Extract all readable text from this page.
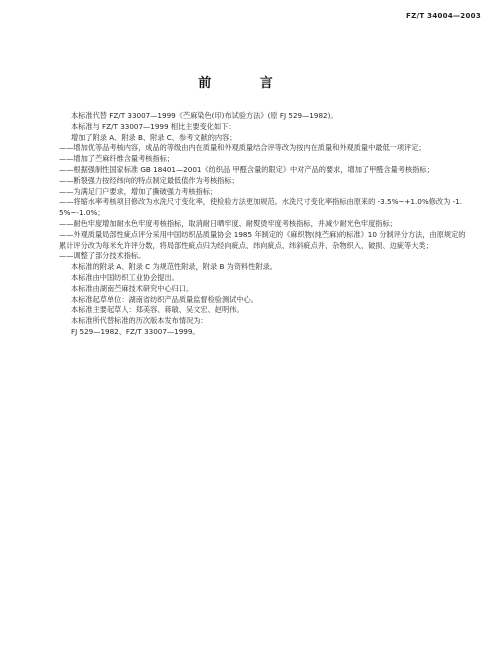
FZ/T 34004—2003
前 言

本标准代替 FZ/T 33007—1999《苎麻染色(印)布试验方法》(原 FJ 529—1982)。

本标准与 FZ/T 33007—1999 相比主要变化如下：

增加了附录 A、附录 B、附录 C、参考文献的内容；

——增加优等品考核内容，成品的等级由内在质量和外观质量结合评等改为按内在质量和外观质量中最低一项评定；

——增加了苎麻纤维含量考核指标；

——根据强制性国家标准 GB 18401—2001《纺织品 甲醛含量的限定》中对产品的要求，增加了甲醛含量考核指标；

——断裂强力按经纬向的特点制定最低值作为考核指标；

——为满足门户要求，增加了撕破强力考核指标；

——将缩水率考核项目修改为水洗尺寸变化率，使检验方法更加规范。水洗尺寸变化率指标由原来的 -3.5%~+1.0%修改为 -1.5%~-1.0%；

——耐色牢度增加耐水色牢度考核指标，取消耐日晒牢度、耐熨烫牢度考核指标，并减少耐光色牢度指标；

——外观质量局部性疵点评分采用中国纺织品质量协会 1985 年制定的《麻织物(纯苎麻)的标准》10 分制评分方法，由原规定的累计评分改为每米允许评分数，将局部性疵点归为经向疵点、纬向疵点、纬斜疵点并、杂物织入、破损、边疵等大类；

——调整了部分技术指标。

本标准的附录 A、附录 C 为规范性附录，附录 B 为资料性附录。

本标准由中国纺织工业协会提出。

本标准由湖南苎麻技术研究中心归口。

本标准起草单位：湖南省纺织产品质量监督检验测试中心。

本标准主要起草人：郑美容、蒋敏、吴文宏、赵明伟。

本标准所代替标准的历次版本发布情况为：

FJ 529—1982、FZ/T 33007—1999。
